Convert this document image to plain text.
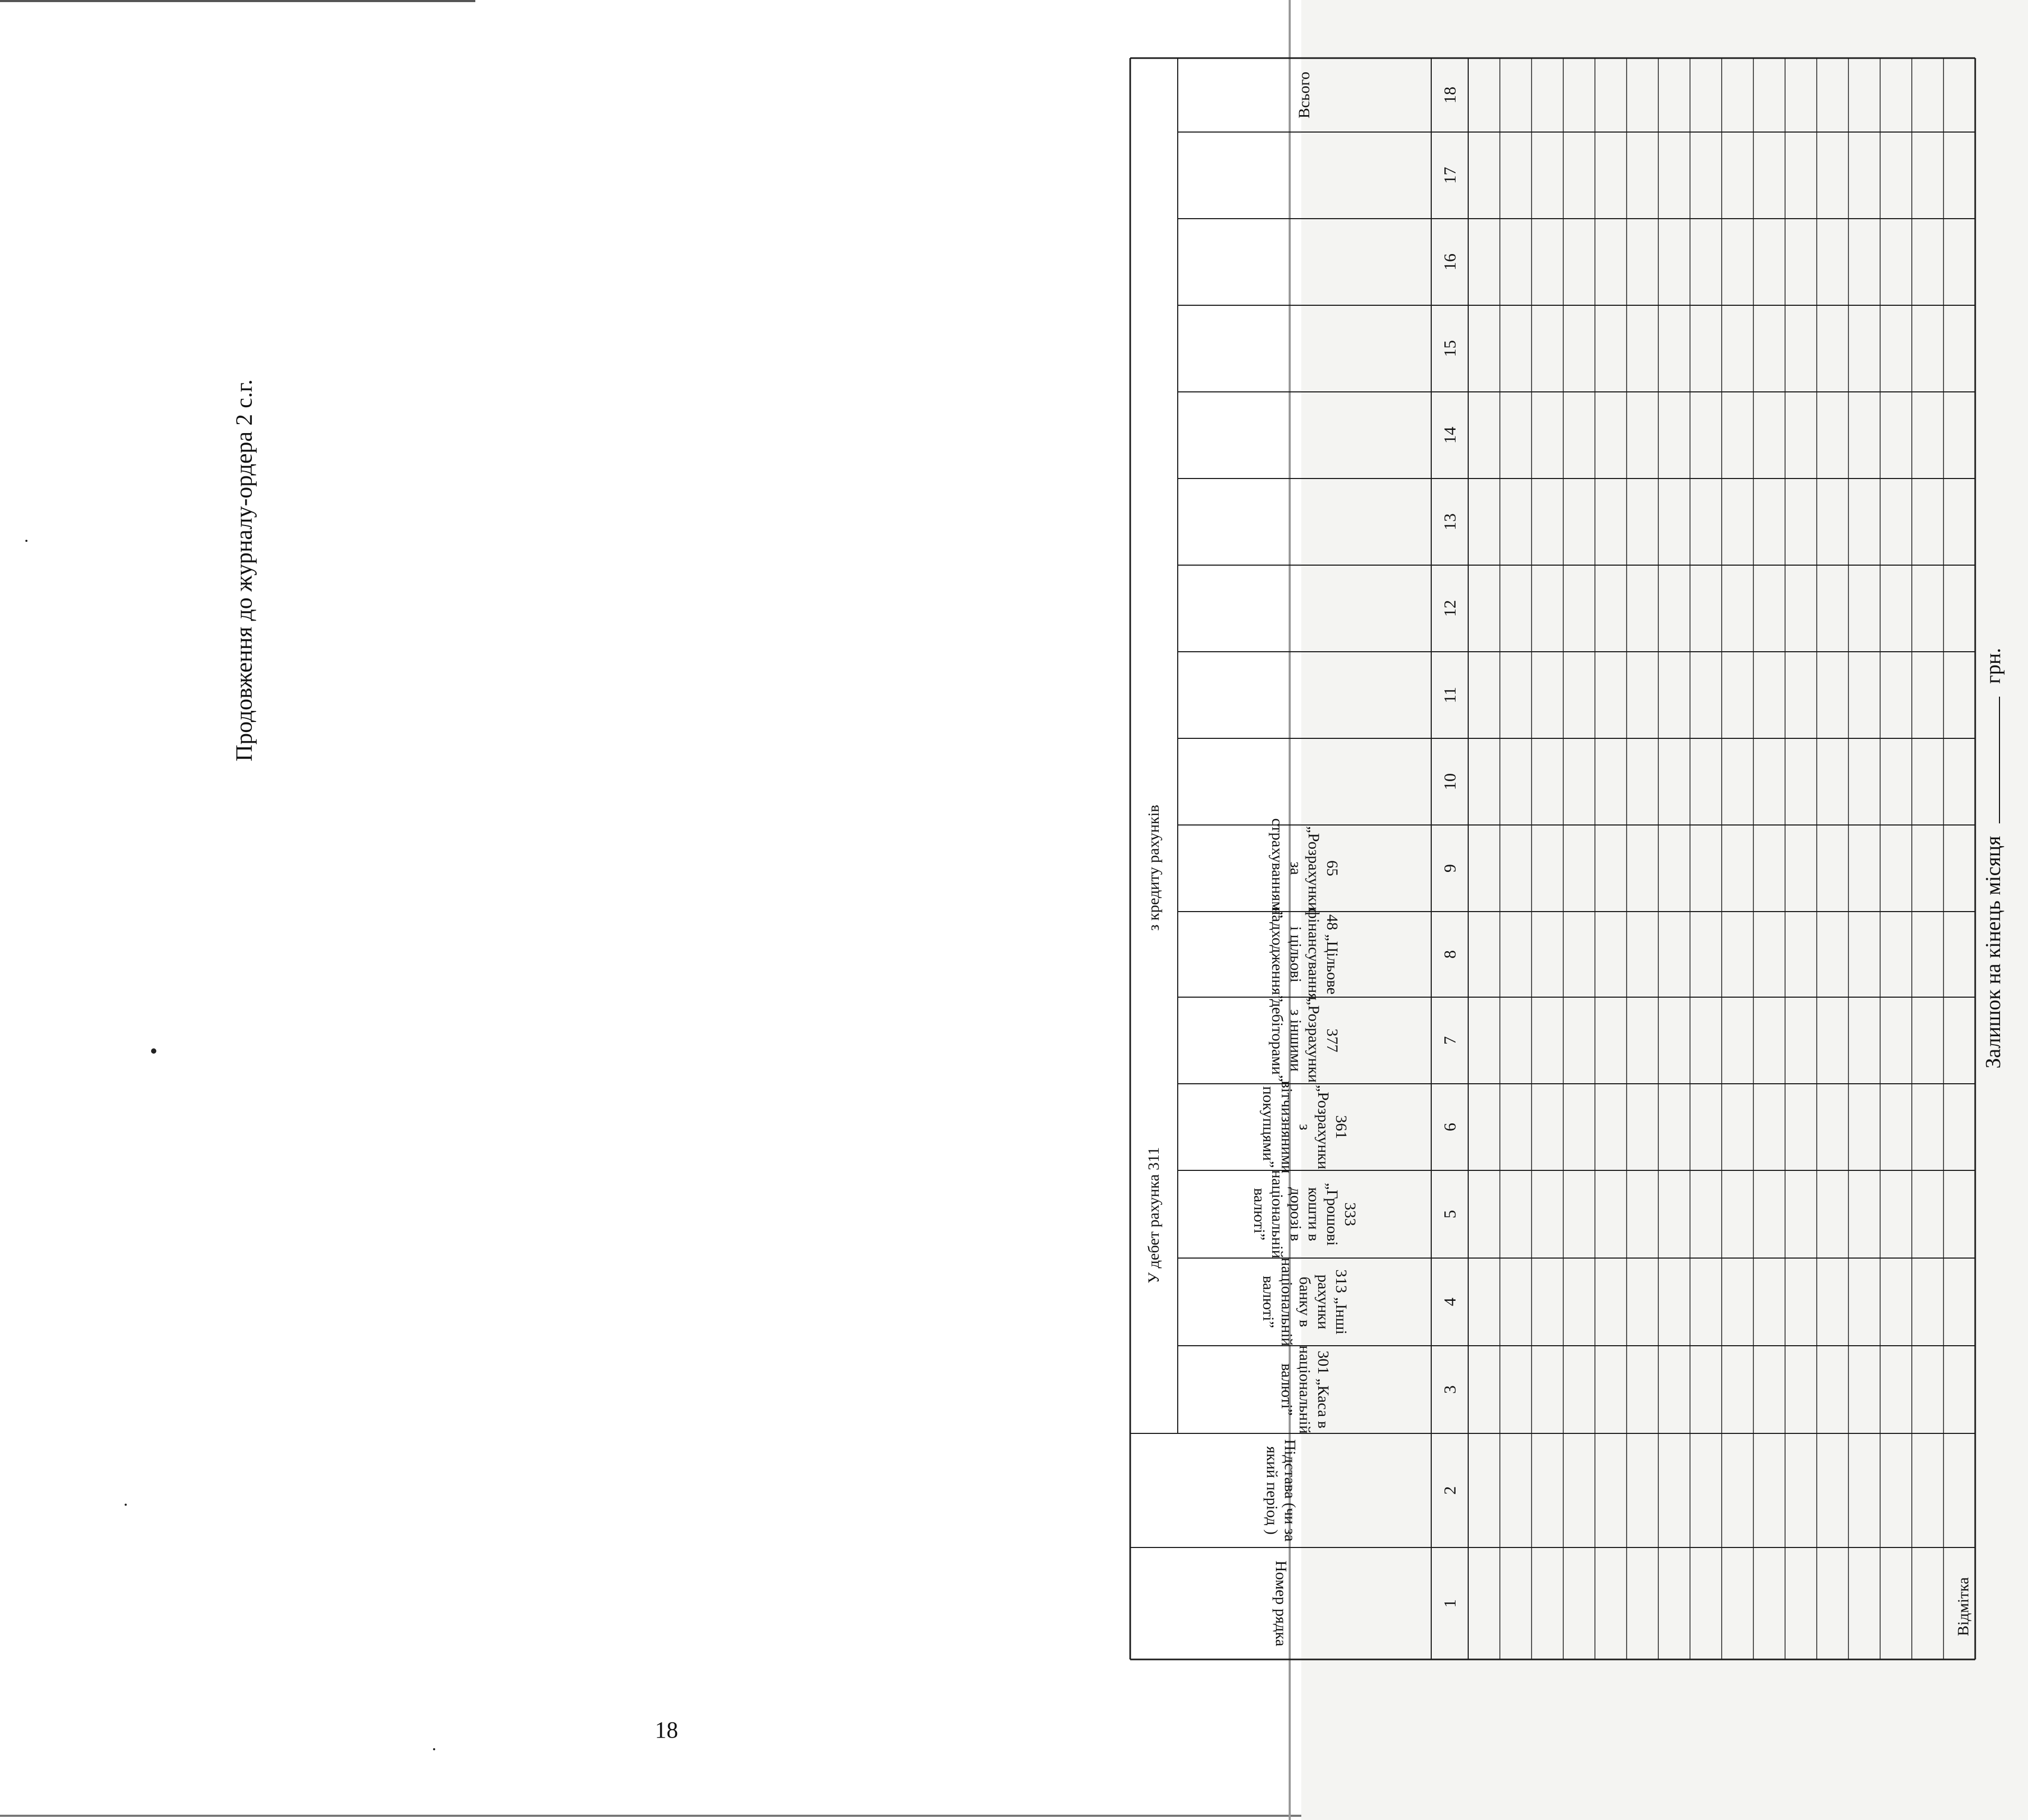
Номер рядка
Підстава (чи за який період )
У дебет рахунка 311
з кредиту рахунків
301 „Каса в національній валюті”
313 „Інші рахунки банку в національній валюті”
333 „Грошові кошти в дорозі в національній валюті”
361 „Розрахунки з вітчизняними покупцями”
377 „Розрахунки з іншими дебіторами”
48 „Цільове фінансування і цільові надходження”
65 „Розрахунки за страхуванням”
Всього
1
2
3
4
5
6
7
8
9
10
11
12
13
14
15
16
17
18
Відмітка
Залишок на кінець місяця  грн.
Продовження до журналу-ордера 2 с.г.
18
